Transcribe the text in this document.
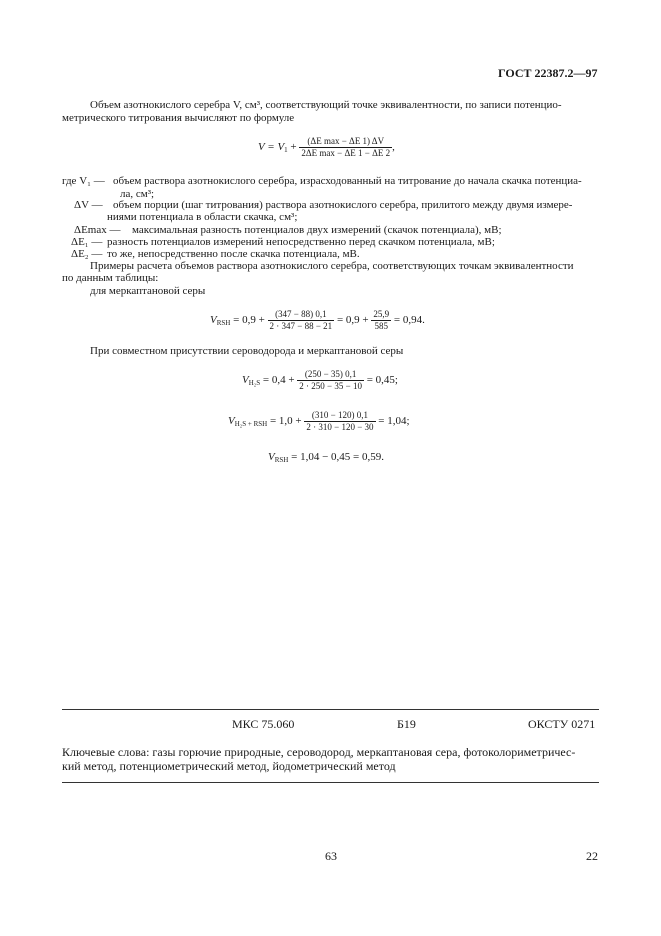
ГОСТ 22387.2—97
Объем азотнокислого серебра V, см³, соответствующий точке эквивалентности, по записи потенцио-
метрического титрования вычисляют по формуле
$V = V_1 + \frac{\text{(ΔE max − ΔE 1) ΔV}}{\text{2ΔE max − ΔE 1 − ΔE 2}}$ ,
где V₁ — объем раствора азотнокислого серебра, израсходованный на титрование до начала скачка потенциа-
ла, см³;
ΔV — объем порции (шаг титрования) раствора азотнокислого серебра, прилитого между двумя измере-
ниями потенциала в области скачка, см³;
ΔEmax — максимальная разность потенциалов двух измерений (скачок потенциала), мВ;
ΔE₁ — разность потенциалов измерений непосредственно перед скачком потенциала, мВ;
ΔE₂ — то же, непосредственно после скачка потенциала, мВ.
Примеры расчета объемов раствора азотнокислого серебра, соответствующих точкам эквивалентности
по данным таблицы:
для меркаптановой серы
$V_{RSH} = 0,9 + \frac{(347 - 88) 0,1}{2 \cdot 347 - 88 - 21} = 0,9 + \frac{25,9}{585} = 0,94$.
При совместном присутствии сероводорода и меркаптановой серы
$V_{H_2S} = 0,4 + \frac{(250 - 35) 0,1}{2 \cdot 250 - 35 - 10} = 0,45$;
$V_{H_2S + RSH} = 1,0 + \frac{(310 - 120) 0,1}{2 \cdot 310 - 120 - 30} = 1,04$;
$V_{RSH} = 1,04 - 0,45 = 0,59$.
МКС 75.060	Б19	ОКСТУ 0271
Ключевые слова: газы горючие природные, сероводород, меркаптановая сера, фотоколориметричес-
кий метод, потенциометрический метод, йодометрический метод
63	22
